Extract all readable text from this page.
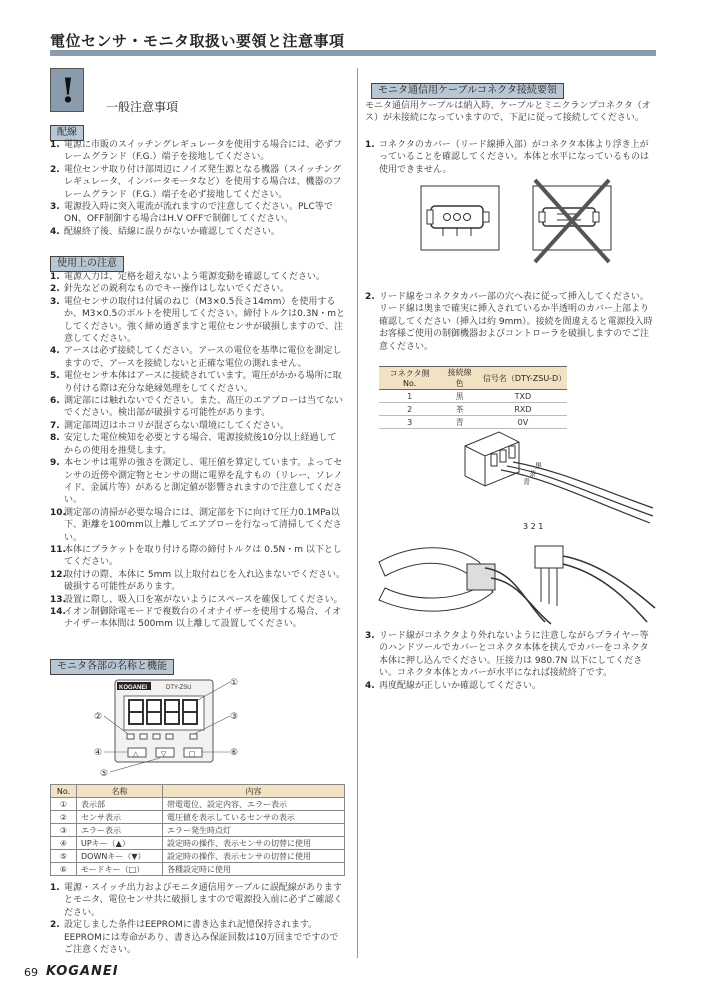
電位センサ・モニタ取扱い要領と注意事項
!	一般注意事項
配線
1. 電源に市販のスイッチングレギュレータを使用する場合には、必ずフレームグランド（F.G.）端子を接地してください。
2. 電位センサ取り付け部周辺にノイズ発生源となる機器（スイッチングレギュレータ、インバータモータなど）を使用する場合は、機器のフレームグランド（F.G.）端子を必ず接地してください。
3. 電源投入時に突入電流が流れますので注意してください。PLC等でON、OFF制御する場合はH.V OFFで制御してください。
4. 配線終了後、結線に誤りがないか確認してください。
使用上の注意
1. 電源入力は、定格を超えないよう電源変動を確認してください。
2. 針先などの鋭利なものでキー操作はしないでください。
3. 電位センサの取付は付属のねじ（M3×0.5長さ14mm）を使用するか、M3×0.5のボルトを使用してください。締付トルクは0.3N・mとしてください。強く締め過ぎますと電位センサが破損しますので、注意してください。
4. アースは必ず接続してください。アースの電位を基準に電位を測定しますので、アースを接続しないと正確な電位の測れません。
5. 電位センサ本体はアースに接続されています。電圧がかかる場所に取り付ける際は充分な絶縁処理をしてください。
6. 測定部には触れないでください。また、高圧のエアブローは当てないでください。検出部が破損する可能性があります。
7. 測定部周辺はホコリが混ざらない環境にしてください。
8. 安定した電位検知を必要とする場合、電源接続後10分以上経過してからの使用を推奨します。
9. 本センサは電界の強さを測定し、電圧値を算定しています。よってセンサの近傍や測定物とセンサの間に電界を乱すもの（リレー、ソレノイド、金属片等）があると測定値が影響されますので注意してください。
10.
測定部の清掃が必要な場合には、測定部を下に向けて圧力0.1MPa以下、距離を100mm以上離してエアブローを行なって清掃してください。
11.
本体にブラケットを取り付ける際の締付トルクは 0.5N・m 以下としてください。
12.
取付けの際、本体に 5mm 以上取付ねじを入れ込まないでください。破損する可能性があります。
13.
設置に際し、吸入口を塞がないようにスペースを確保してください。
14.
イオン制御除電モードで複数台のイオナイザーを使用する場合、イオナイザー本体間は 500mm 以上離して設置してください。
モニタ各部の名称と機能
KOGANEI	DTY-ZSU
△	▽	□
①
②	③
④	⑥
⑤
No.	名称	内容
①	表示部	帯電電位、設定内容、エラー表示
②	センサ表示	電圧値を表示しているセンサの表示
③	エラー表示	エラー発生時点灯
④	UPキー（▲）	設定時の操作、表示センサの切替に使用
⑤	DOWNキー（▼）	設定時の操作、表示センサの切替に使用
⑥	モードキー（□）	各種設定時に使用
1. 電源・スイッチ出力およびモニタ通信用ケーブルに誤配線がありますとモニタ、電位センサ共に破損しますので電源投入前に必ずご確認ください。
2. 設定しました条件はEEPROMに書き込まれ記憶保持されます。EEPROMには寿命があり、書き込み保証回数は10万回までですのでご注意ください。
モニタ通信用ケーブルコネクタ接続要領
モニタ通信用ケーブルは納入時、ケーブルとミニクランプコネクタ（オス）が未接続になっていますので、下記に従って接続してください。
1. コネクタのカバー（リード線挿入部）がコネクタ本体より浮き上がっていることを確認してください。本体と水平になっているものは使用できません。
2. リード線をコネクタカバー部の穴へ表に従って挿入してください。リード線は奥まで確実に挿入されているか半透明のカバー上部より確認してください（挿入は約 9mm）。接続を間違えると電源投入時お客様ご使用の制御機器およびコントローラを破損しますのでご注意ください。
コネクタ側 No.	接続線色	信号名（DTY-ZSU-D）
1	黒	TXD
2	茶	RXD
3	青	0V
黒
茶
青
3 2 1
3. リード線がコネクタより外れないように注意しながらプライヤー等のハンドツールでカバーとコネクタ本体を挟んでカバーをコネクタ本体に押し込んでください。圧接力は 980.7N 以下にしてください。コネクタ本体とカバーが水平になれば接続終了です。
4. 再度配線が正しいか確認してください。
69 KOGANEI
